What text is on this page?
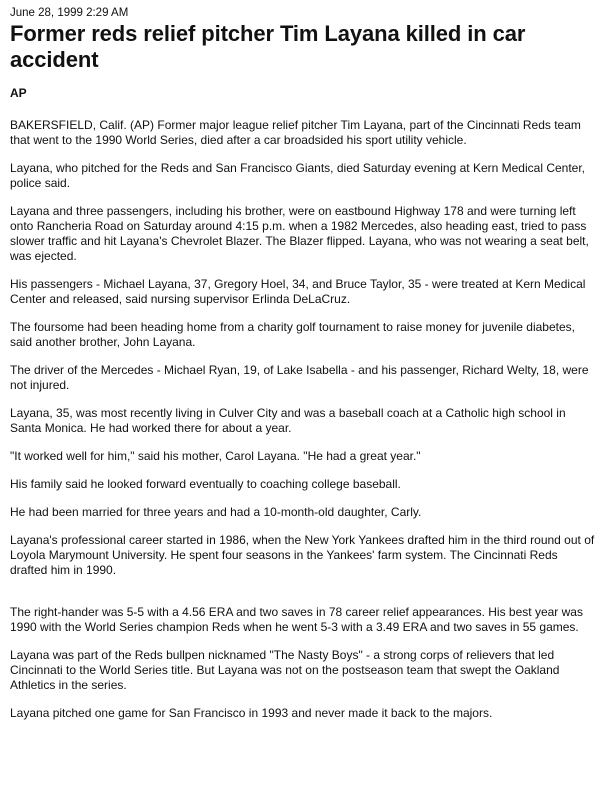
June 28, 1999 2:29 AM

Former reds relief pitcher Tim Layana killed in car accident

AP

BAKERSFIELD, Calif. (AP) Former major league relief pitcher Tim Layana, part of the Cincinnati Reds team that went to the 1990 World Series, died after a car broadsided his sport utility vehicle.

Layana, who pitched for the Reds and San Francisco Giants, died Saturday evening at Kern Medical Center, police said.

Layana and three passengers, including his brother, were on eastbound Highway 178 and were turning left onto Rancheria Road on Saturday around 4:15 p.m. when a 1982 Mercedes, also heading east, tried to pass slower traffic and hit Layana's Chevrolet Blazer. The Blazer flipped. Layana, who was not wearing a seat belt, was ejected.

His passengers - Michael Layana, 37, Gregory Hoel, 34, and Bruce Taylor, 35 - were treated at Kern Medical Center and released, said nursing supervisor Erlinda DeLaCruz.

The foursome had been heading home from a charity golf tournament to raise money for juvenile diabetes, said another brother, John Layana.

The driver of the Mercedes - Michael Ryan, 19, of Lake Isabella - and his passenger, Richard Welty, 18, were not injured.

Layana, 35, was most recently living in Culver City and was a baseball coach at a Catholic high school in Santa Monica. He had worked there for about a year.

"It worked well for him," said his mother, Carol Layana. "He had a great year."

His family said he looked forward eventually to coaching college baseball.

He had been married for three years and had a 10-month-old daughter, Carly.

Layana's professional career started in 1986, when the New York Yankees drafted him in the third round out of Loyola Marymount University. He spent four seasons in the Yankees' farm system. The Cincinnati Reds drafted him in 1990.

The right-hander was 5-5 with a 4.56 ERA and two saves in 78 career relief appearances. His best year was 1990 with the World Series champion Reds when he went 5-3 with a 3.49 ERA and two saves in 55 games.

Layana was part of the Reds bullpen nicknamed "The Nasty Boys" - a strong corps of relievers that led Cincinnati to the World Series title. But Layana was not on the postseason team that swept the Oakland Athletics in the series.

Layana pitched one game for San Francisco in 1993 and never made it back to the majors.
